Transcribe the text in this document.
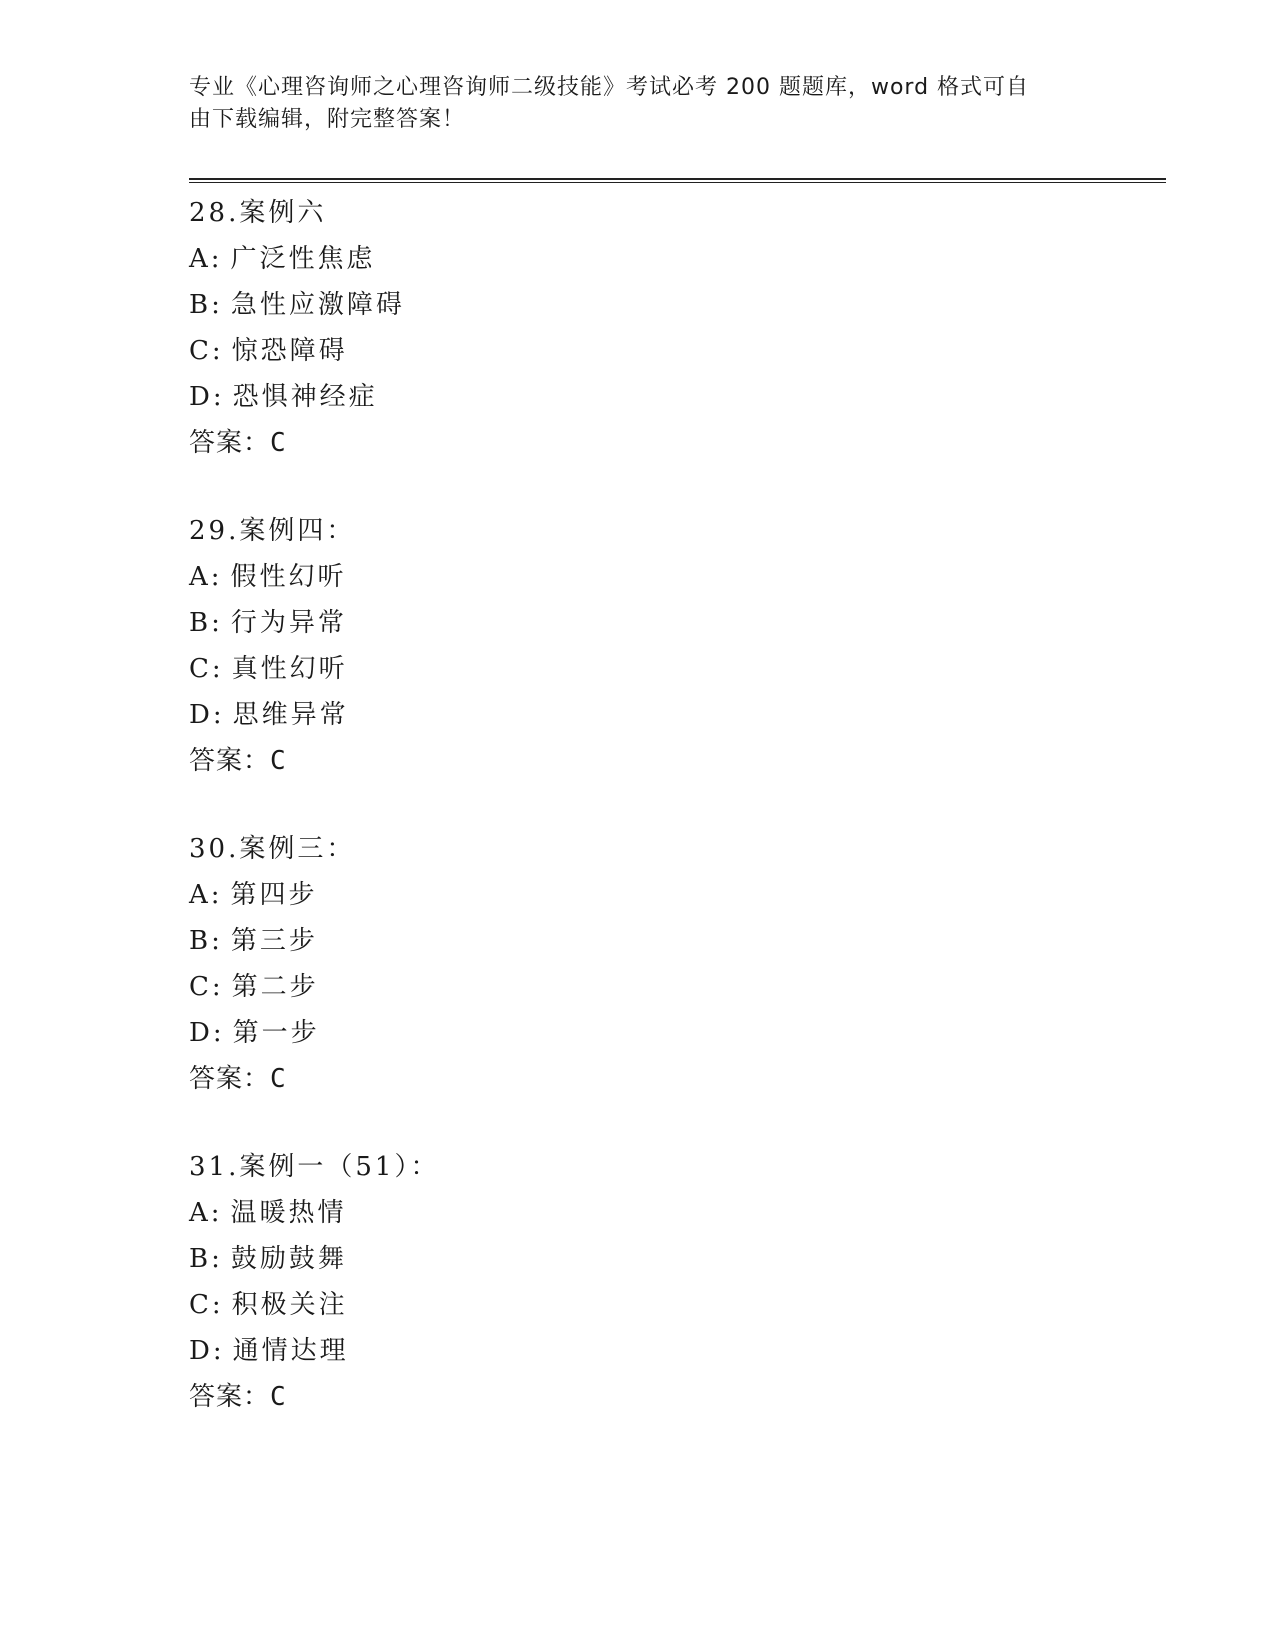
专业《心理咨询师之心理咨询师二级技能》考试必考 200 题题库，word 格式可自
由下载编辑，附完整答案！
28.案例六
A: 广泛性焦虑
B: 急性应激障碍
C: 惊恐障碍
D: 恐惧神经症
答案：C
29.案例四：
A: 假性幻听
B: 行为异常
C: 真性幻听
D: 思维异常
答案：C
30.案例三：
A: 第四步
B: 第三步
C: 第二步
D: 第一步
答案：C
31.案例一（51）：
A: 温暖热情
B: 鼓励鼓舞
C: 积极关注
D: 通情达理
答案：C
